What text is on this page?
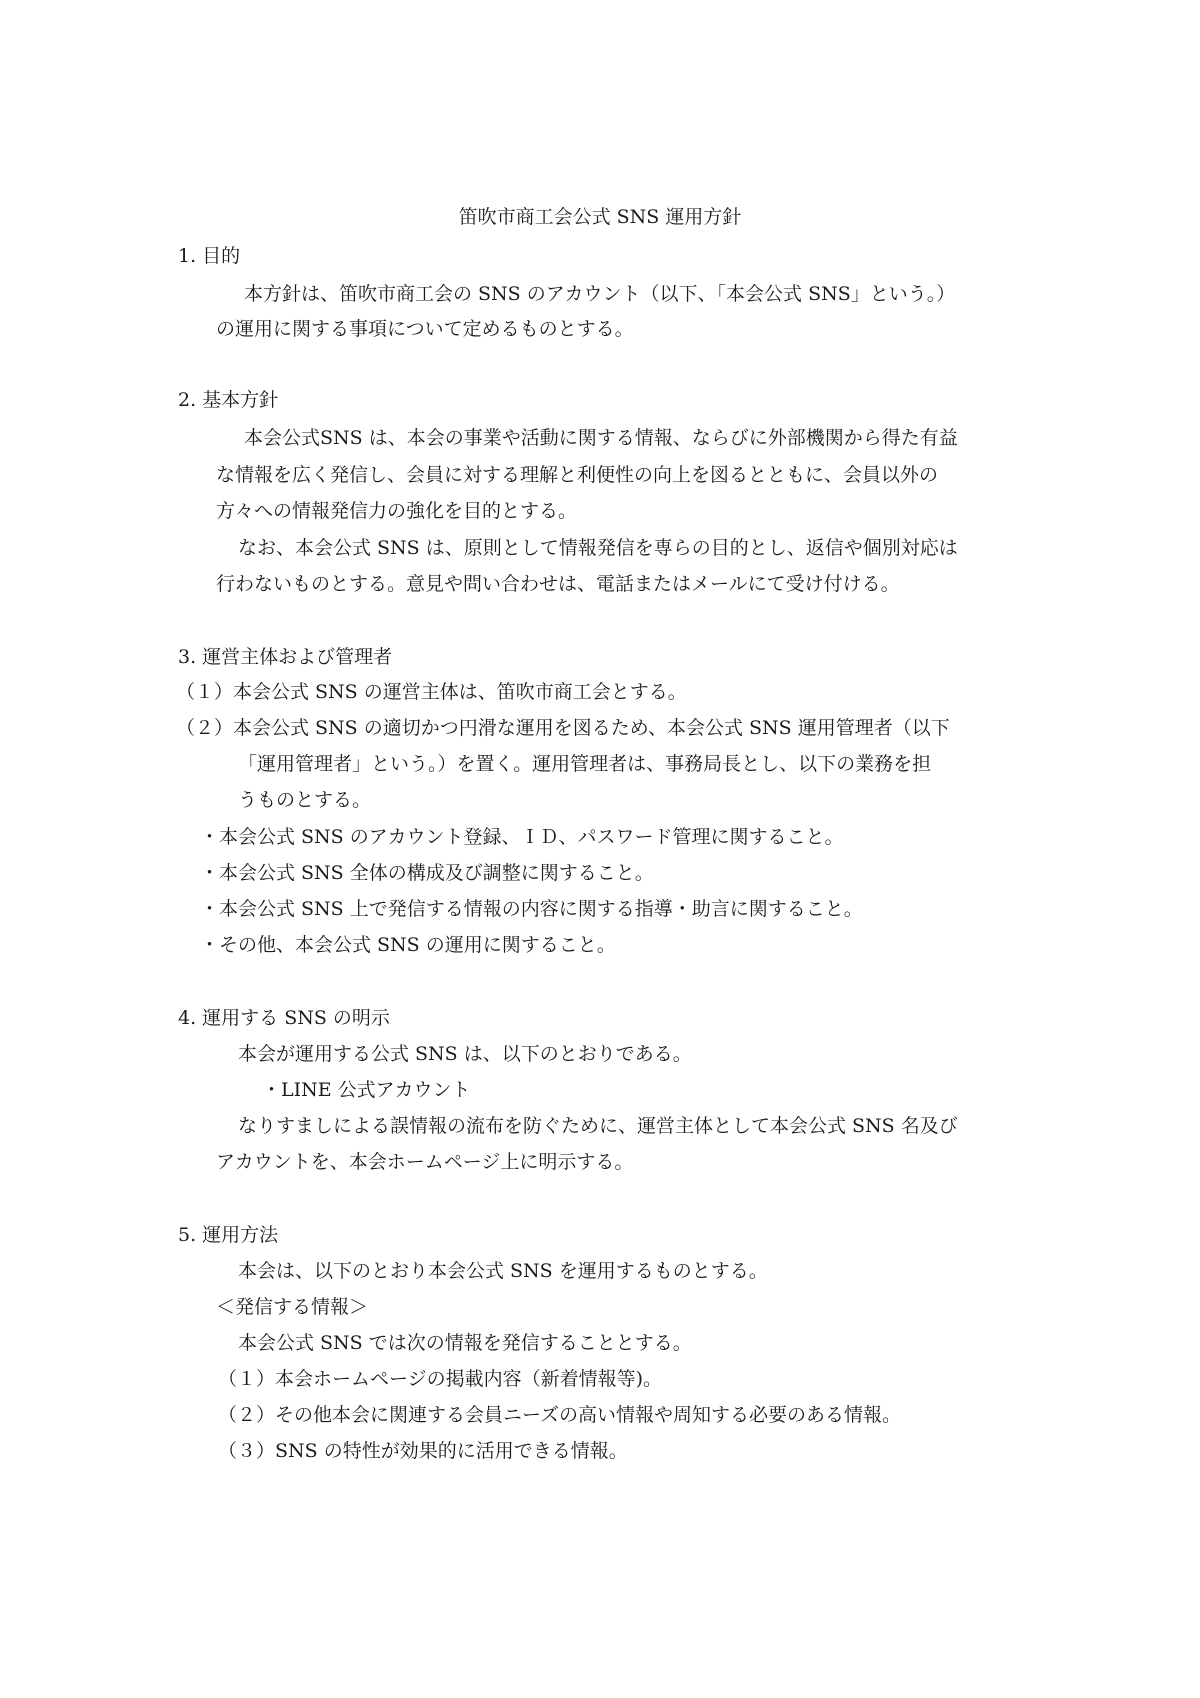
笛吹市商工会公式 SNS 運用方針
1. 目的
本方針は、笛吹市商工会の SNS のアカウント（以下、「本会公式 SNS」という。）
の運用に関する事項について定めるものとする。
2. 基本方針
本会公式SNS は、本会の事業や活動に関する情報、ならびに外部機関から得た有益
な情報を広く発信し、会員に対する理解と利便性の向上を図るとともに、会員以外の
方々への情報発信力の強化を目的とする。
なお、本会公式 SNS は、原則として情報発信を専らの目的とし、返信や個別対応は
行わないものとする。意見や問い合わせは、電話またはメールにて受け付ける。
3. 運営主体および管理者
（１）本会公式 SNS の運営主体は、笛吹市商工会とする。
（２）本会公式 SNS の適切かつ円滑な運用を図るため、本会公式 SNS 運用管理者（以下
「運用管理者」という。）を置く。運用管理者は、事務局長とし、以下の業務を担
うものとする。
・本会公式 SNS のアカウント登録、ＩＤ、パスワード管理に関すること。
・本会公式 SNS 全体の構成及び調整に関すること。
・本会公式 SNS 上で発信する情報の内容に関する指導・助言に関すること。
・その他、本会公式 SNS の運用に関すること。
4. 運用する SNS の明示
本会が運用する公式 SNS は、以下のとおりである。
・LINE 公式アカウント
なりすましによる誤情報の流布を防ぐために、運営主体として本会公式 SNS 名及び
アカウントを、本会ホームページ上に明示する。
5. 運用方法
本会は、以下のとおり本会公式 SNS を運用するものとする。
＜発信する情報＞
本会公式 SNS では次の情報を発信することとする。
（１）本会ホームページの掲載内容（新着情報等)。
（２）その他本会に関連する会員ニーズの高い情報や周知する必要のある情報。
（３）SNS の特性が効果的に活用できる情報。
